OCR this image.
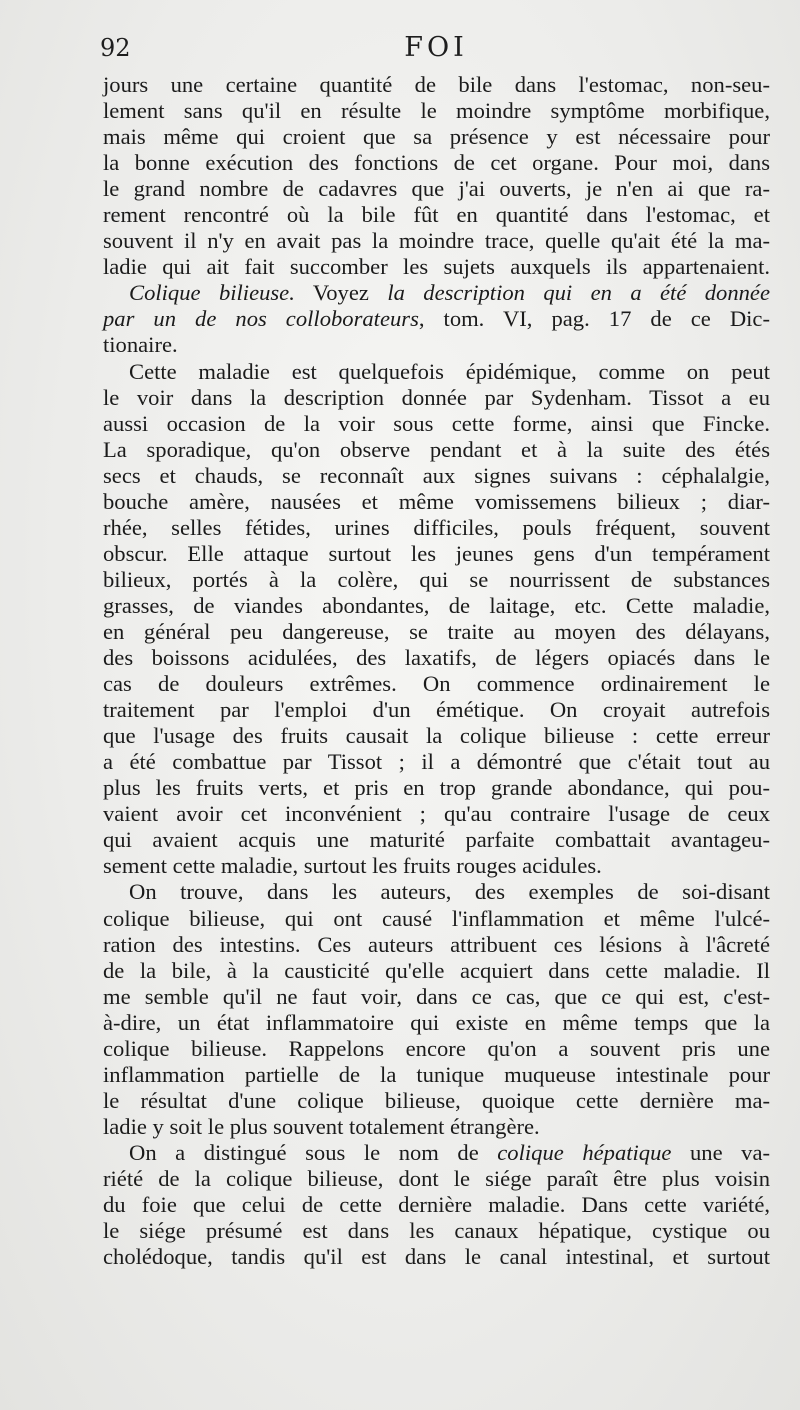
92	FOI
jours une certaine quantité de bile dans l'estomac, non-seu-
lement sans qu'il en résulte le moindre symptôme morbifique,
mais même qui croient que sa présence y est nécessaire pour
la bonne exécution des fonctions de cet organe. Pour moi, dans
le grand nombre de cadavres que j'ai ouverts, je n'en ai que ra-
rement rencontré où la bile fût en quantité dans l'estomac, et
souvent il n'y en avait pas la moindre trace, quelle qu'ait été la ma-
ladie qui ait fait succomber les sujets auxquels ils appartenaient.
Colique bilieuse. Voyez la description qui en a été donnée
par un de nos colloborateurs, tom. VI, pag. 17 de ce Dic-
tionaire.
Cette maladie est quelquefois épidémique, comme on peut
le voir dans la description donnée par Sydenham. Tissot a eu
aussi occasion de la voir sous cette forme, ainsi que Fincke.
La sporadique, qu'on observe pendant et à la suite des étés
secs et chauds, se reconnaît aux signes suivans : céphalalgie,
bouche amère, nausées et même vomissemens bilieux ; diar-
rhée, selles fétides, urines difficiles, pouls fréquent, souvent
obscur. Elle attaque surtout les jeunes gens d'un tempérament
bilieux, portés à la colère, qui se nourrissent de substances
grasses, de viandes abondantes, de laitage, etc. Cette maladie,
en général peu dangereuse, se traite au moyen des délayans,
des boissons acidulées, des laxatifs, de légers opiacés dans le
cas de douleurs extrêmes. On commence ordinairement le
traitement par l'emploi d'un émétique. On croyait autrefois
que l'usage des fruits causait la colique bilieuse : cette erreur
a été combattue par Tissot ; il a démontré que c'était tout au
plus les fruits verts, et pris en trop grande abondance, qui pou-
vaient avoir cet inconvénient ; qu'au contraire l'usage de ceux
qui avaient acquis une maturité parfaite combattait avantageu-
sement cette maladie, surtout les fruits rouges acidules.
On trouve, dans les auteurs, des exemples de soi-disant
colique bilieuse, qui ont causé l'inflammation et même l'ulcé-
ration des intestins. Ces auteurs attribuent ces lésions à l'âcreté
de la bile, à la causticité qu'elle acquiert dans cette maladie. Il
me semble qu'il ne faut voir, dans ce cas, que ce qui est, c'est-
à-dire, un état inflammatoire qui existe en même temps que la
colique bilieuse. Rappelons encore qu'on a souvent pris une
inflammation partielle de la tunique muqueuse intestinale pour
le résultat d'une colique bilieuse, quoique cette dernière ma-
ladie y soit le plus souvent totalement étrangère.
On a distingué sous le nom de colique hépatique une va-
riété de la colique bilieuse, dont le siége paraît être plus voisin
du foie que celui de cette dernière maladie. Dans cette variété,
le siége présumé est dans les canaux hépatique, cystique ou
cholédoque, tandis qu'il est dans le canal intestinal, et surtout
